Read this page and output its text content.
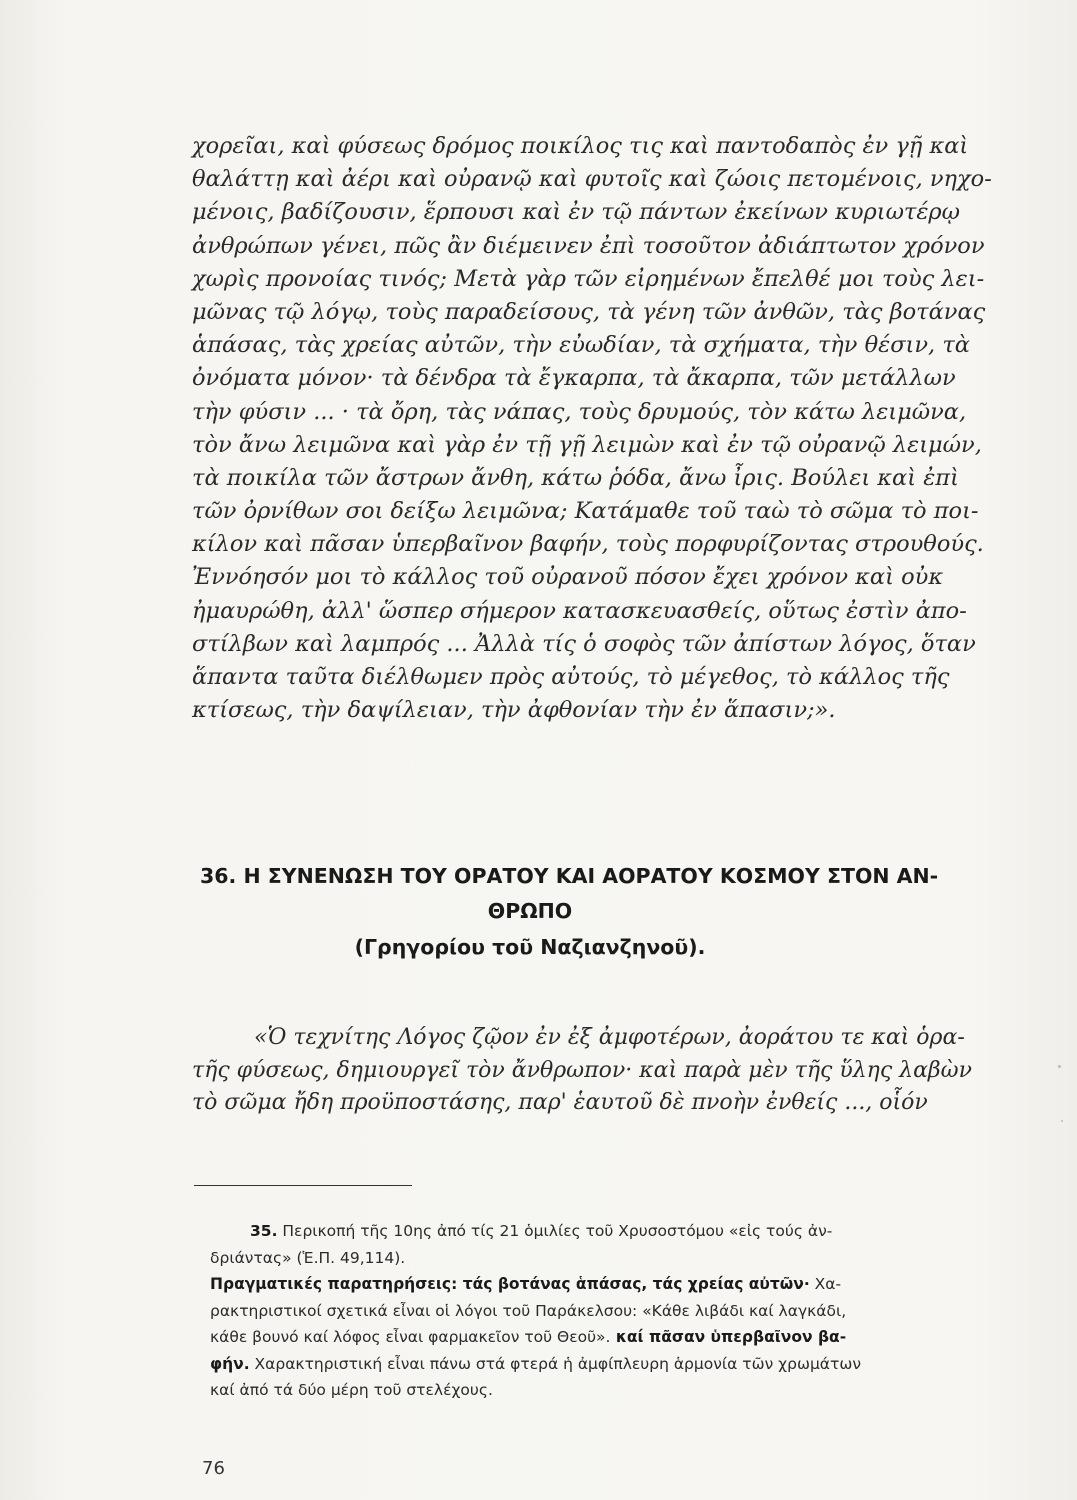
χορεῖαι, καὶ φύσεως δρόμος ποικίλος τις καὶ παντοδαπὸς ἐν γῇ καὶ
θαλάττῃ καὶ ἀέρι καὶ οὐρανῷ καὶ φυτοῖς καὶ ζώοις πετομένοις, νηχο-
μένοις, βαδίζουσιν, ἕρπουσι καὶ ἐν τῷ πάντων ἐκείνων κυριωτέρῳ
ἀνθρώπων γένει, πῶς ἂν διέμεινεν ἐπὶ τοσοῦτον ἀδιάπτωτον χρόνον
χωρὶς προνοίας τινός; Μετὰ γὰρ τῶν εἰρημένων ἔπελθέ μοι τοὺς λει-
μῶνας τῷ λόγῳ, τοὺς παραδείσους, τὰ γένη τῶν ἀνθῶν, τὰς βοτάνας
ἁπάσας, τὰς χρείας αὐτῶν, τὴν εὐωδίαν, τὰ σχήματα, τὴν θέσιν, τὰ
ὀνόματα μόνον· τὰ δένδρα τὰ ἔγκαρπα, τὰ ἄκαρπα, τῶν μετάλλων
τὴν φύσιν ... · τὰ ὄρη, τὰς νάπας, τοὺς δρυμούς, τὸν κάτω λειμῶνα,
τὸν ἄνω λειμῶνα καὶ γὰρ ἐν τῇ γῇ λειμὼν καὶ ἐν τῷ οὐρανῷ λειμών,
τὰ ποικίλα τῶν ἄστρων ἄνθη, κάτω ῥόδα, ἄνω ἶρις. Βούλει καὶ ἐπὶ
τῶν ὀρνίθων σοι δείξω λειμῶνα; Κατάμαθε τοῦ ταὼ τὸ σῶμα τὸ ποι-
κίλον καὶ πᾶσαν ὑπερβαῖνον βαφήν, τοὺς πορφυρίζοντας στρουθούς.
Ἐννόησόν μοι τὸ κάλλος τοῦ οὐρανοῦ πόσον ἔχει χρόνον καὶ οὐκ
ἠμαυρώθη, ἀλλ' ὥσπερ σήμερον κατασκευασθείς, οὕτως ἐστὶν ἀπο-
στίλβων καὶ λαμπρός ... Ἀλλὰ τίς ὁ σοφὸς τῶν ἀπίστων λόγος, ὅταν
ἅπαντα ταῦτα διέλθωμεν πρὸς αὐτούς, τὸ μέγεθος, τὸ κάλλος τῆς
κτίσεως, τὴν δαψίλειαν, τὴν ἀφθονίαν τὴν ἐν ἅπασιν;».
36. Η ΣΥΝΕΝΩΣΗ ΤΟΥ ΟΡΑΤΟΥ ΚΑΙ ΑΟΡΑΤΟΥ ΚΟΣΜΟΥ ΣΤΟΝ ΑΝ-
ΘΡΩΠΟ
(Γρηγορίου τοῦ Ναζιανζηνοῦ).
«Ὁ τεχνίτης Λόγος ζῷον ἐν ἐξ ἀμφοτέρων, ἀοράτου τε καὶ ὁρα-
τῆς φύσεως, δημιουργεῖ τὸν ἄνθρωπον· καὶ παρὰ μὲν τῆς ὕλης λαβὼν
τὸ σῶμα ἤδη προϋποστάσης, παρ' ἑαυτοῦ δὲ πνοὴν ἐνθείς ..., οἷόν
35. Περικοπή τῆς 10ης ἀπό τίς 21 ὁμιλίες τοῦ Χρυσοστόμου «εἰς τούς ἀν-
δριάντας» (Ἑ.Π. 49,114).
Πραγματικές παρατηρήσεις: τάς βοτάνας ἁπάσας, τάς χρείας αὐτῶν· Χα-
ρακτηριστικοί σχετικά εἶναι οἱ λόγοι τοῦ Παράκελσου: «Κάθε λιβάδι καί λαγκάδι,
κάθε βουνό καί λόφος εἶναι φαρμακεῖον τοῦ Θεοῦ». καί πᾶσαν ὑπερβαῖνον βα-
φήν. Χαρακτηριστική εἶναι πάνω στά φτερά ἡ ἀμφίπλευρη ἁρμονία τῶν χρωμάτων
καί ἀπό τά δύο μέρη τοῦ στελέχους.
76
